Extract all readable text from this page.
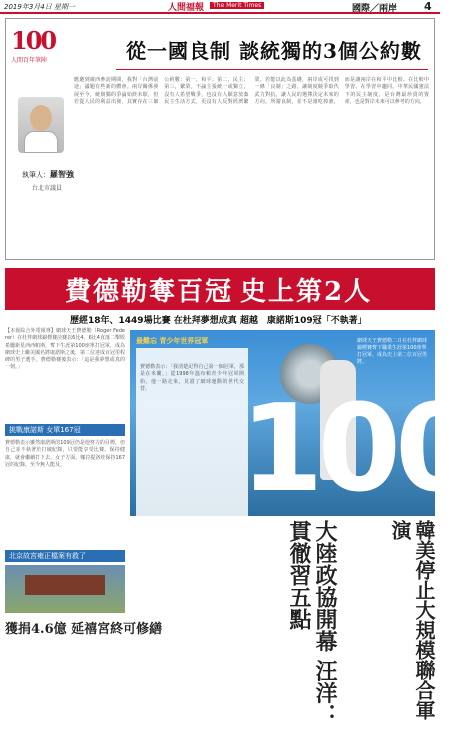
2019年3月4日 星期一	人間福報	The Merit Times	國際／兩岸 4
100
人間百年筆陣	從一國良制 談統獨的3個公約數
執筆人：羅智強
台北市議員
應邀到廣西參訪期間，我對「台灣前途」議題有些新的體會。兩岸關係發展至今，統與獨的爭論始終未歇，但若從人民的利益出發，其實存在三個公約數：第一，和平；第二，民主；第三，繁榮。不論主張統一或獨立，沒有人希望戰爭，也沒有人願意放棄民主生活方式，更沒有人反對經濟繁榮。若能以此為基礎，兩岸或可找到一條「良制」之路，讓制度競爭取代武力對抗，讓人民的選擇決定未來的方向。所謂良制，並不是誰吃掉誰，而是讓兩岸在和平中比較、在比較中學習、在學習中趨同。中華民國憲法下的民主制度，是台灣最珍貴的資產，也是對岸未來可以參考的方向。
費德勒奪百冠 史上第2人
歷經18年、1449場比賽 在杜拜夢想成真 超越　康諾斯109冠「不執著」
【本報綜合外電報導】網球天王費德勒（Roger Federer）在杜拜網球錦標賽決賽以6比4、6比4直落二擊敗希臘新星西西帕斯，奪下生涯第100座單打冠軍，成為網球史上繼美國名將康諾斯之後，第二位達成百冠里程碑的男子選手。費德勒賽後表示：「這是我夢想成真的一刻。」
挑戰康諾斯 女單167冠
費德勒表示雖然康諾斯的109冠仍是他努力的目標，但自己並不執著於打破紀錄，只要能享受比賽、保持健康，就會繼續打下去。女子方面，娜拉提洛娃保持167冠的紀錄，至今無人能及。
費德勒表示：「我清楚記得自己第一個冠軍，那是在米蘭。」從1998年溫布頓青少年冠軍開始，他一路走來，見證了網球運動的世代交替。
最難忘 青少年世界冠軍
100
網球天王費德勒二日在杜拜網球錦標賽奪下職業生涯第100座單打冠軍，成為史上第二位百冠男將。
北京故宮雍正檔案有救了
獲捐4.6億 延禧宮終可修繕	大陸政協開幕 汪洋：貫徹習五點	韓美停止大規模聯合軍演
